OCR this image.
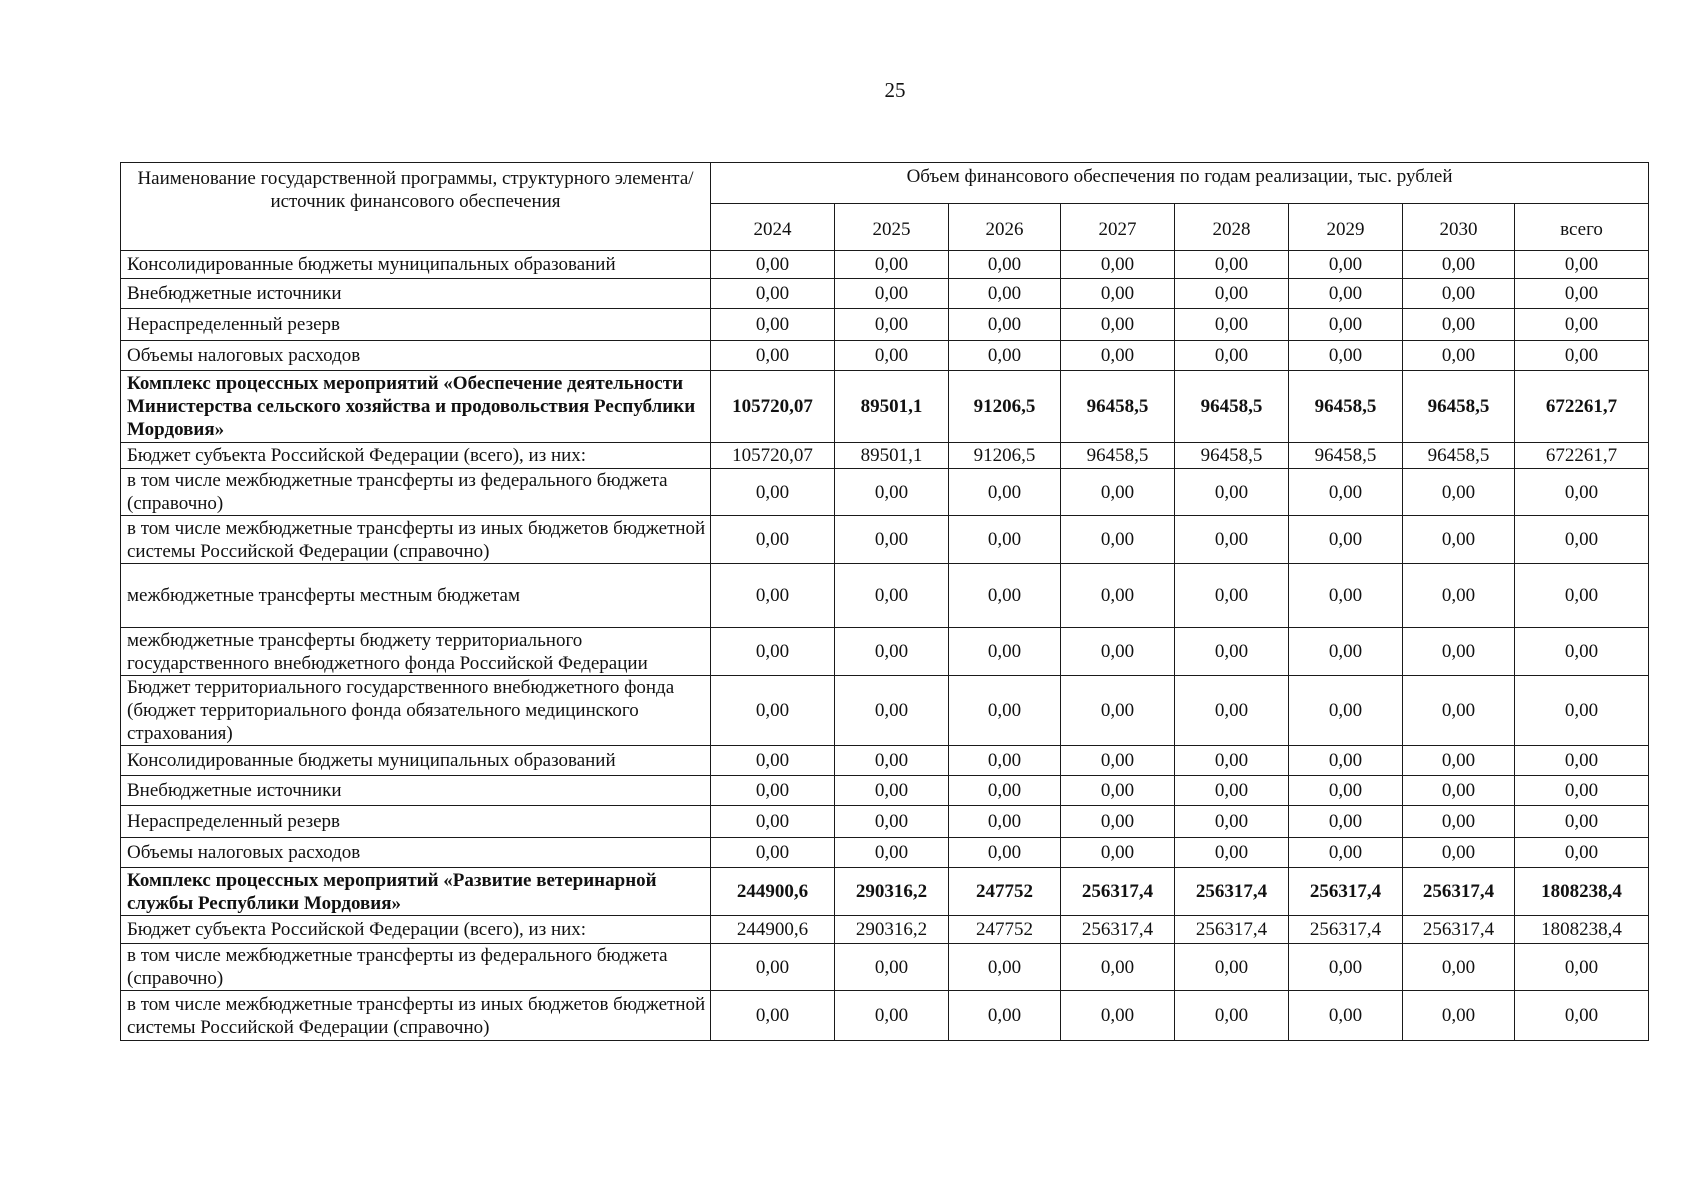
25
Наименование государственной программы, структурного элемента/источник финансового обеспечения	Объем финансового обеспечения по годам реализации, тыс. рублей							
	2024	2025	2026	2027	2028	2029	2030	всего
Консолидированные бюджеты муниципальных образований	0,00	0,00	0,00	0,00	0,00	0,00	0,00	0,00
Внебюджетные источники	0,00	0,00	0,00	0,00	0,00	0,00	0,00	0,00
Нераспределенный резерв	0,00	0,00	0,00	0,00	0,00	0,00	0,00	0,00
Объемы налоговых расходов	0,00	0,00	0,00	0,00	0,00	0,00	0,00	0,00
Комплекс процессных мероприятий «Обеспечение деятельности Министерства сельского хозяйства и продовольствия Республики Мордовия»	105720,07	89501,1	91206,5	96458,5	96458,5	96458,5	96458,5	672261,7
Бюджет субъекта Российской Федерации (всего), из них:	105720,07	89501,1	91206,5	96458,5	96458,5	96458,5	96458,5	672261,7
в том числе межбюджетные трансферты из федерального бюджета (справочно)	0,00	0,00	0,00	0,00	0,00	0,00	0,00	0,00
в том числе межбюджетные трансферты из иных бюджетов бюджетной системы Российской Федерации (справочно)	0,00	0,00	0,00	0,00	0,00	0,00	0,00	0,00
межбюджетные трансферты местным бюджетам	0,00	0,00	0,00	0,00	0,00	0,00	0,00	0,00
межбюджетные трансферты бюджету территориального государственного внебюджетного фонда Российской Федерации	0,00	0,00	0,00	0,00	0,00	0,00	0,00	0,00
Бюджет территориального государственного внебюджетного фонда (бюджет территориального фонда обязательного медицинского страхования)	0,00	0,00	0,00	0,00	0,00	0,00	0,00	0,00
Консолидированные бюджеты муниципальных образований	0,00	0,00	0,00	0,00	0,00	0,00	0,00	0,00
Внебюджетные источники	0,00	0,00	0,00	0,00	0,00	0,00	0,00	0,00
Нераспределенный резерв	0,00	0,00	0,00	0,00	0,00	0,00	0,00	0,00
Объемы налоговых расходов	0,00	0,00	0,00	0,00	0,00	0,00	0,00	0,00
Комплекс процессных мероприятий «Развитие ветеринарной службы Республики Мордовия»	244900,6	290316,2	247752	256317,4	256317,4	256317,4	256317,4	1808238,4
Бюджет субъекта Российской Федерации (всего), из них:	244900,6	290316,2	247752	256317,4	256317,4	256317,4	256317,4	1808238,4
в том числе межбюджетные трансферты из федерального бюджета (справочно)	0,00	0,00	0,00	0,00	0,00	0,00	0,00	0,00
в том числе межбюджетные трансферты из иных бюджетов бюджетной системы Российской Федерации (справочно)	0,00	0,00	0,00	0,00	0,00	0,00	0,00	0,00
